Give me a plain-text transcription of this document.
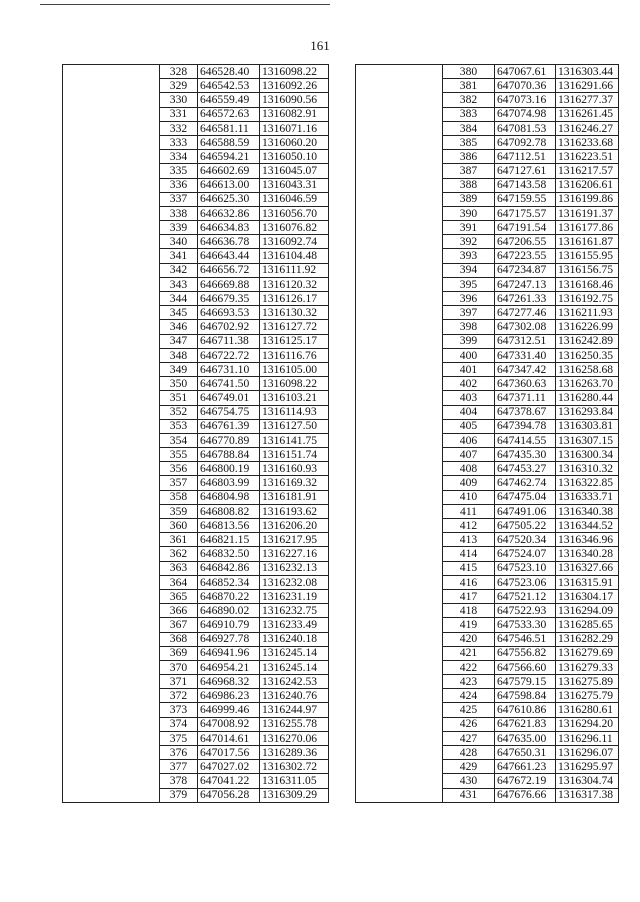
161
	328	646528.40	1316098.22
	329	646542.53	1316092.26
	330	646559.49	1316090.56
	331	646572.63	1316082.91
	332	646581.11	1316071.16
	333	646588.59	1316060.20
	334	646594.21	1316050.10
	335	646602.69	1316045.07
	336	646613.00	1316043.31
	337	646625.30	1316046.59
	338	646632.86	1316056.70
	339	646634.83	1316076.82
	340	646636.78	1316092.74
	341	646643.44	1316104.48
	342	646656.72	1316111.92
	343	646669.88	1316120.32
	344	646679.35	1316126.17
	345	646693.53	1316130.32
	346	646702.92	1316127.72
	347	646711.38	1316125.17
	348	646722.72	1316116.76
	349	646731.10	1316105.00
	350	646741.50	1316098.22
	351	646749.01	1316103.21
	352	646754.75	1316114.93
	353	646761.39	1316127.50
	354	646770.89	1316141.75
	355	646788.84	1316151.74
	356	646800.19	1316160.93
	357	646803.99	1316169.32
	358	646804.98	1316181.91
	359	646808.82	1316193.62
	360	646813.56	1316206.20
	361	646821.15	1316217.95
	362	646832.50	1316227.16
	363	646842.86	1316232.13
	364	646852.34	1316232.08
	365	646870.22	1316231.19
	366	646890.02	1316232.75
	367	646910.79	1316233.49
	368	646927.78	1316240.18
	369	646941.96	1316245.14
	370	646954.21	1316245.14
	371	646968.32	1316242.53
	372	646986.23	1316240.76
	373	646999.46	1316244.97
	374	647008.92	1316255.78
	375	647014.61	1316270.06
	376	647017.56	1316289.36
	377	647027.02	1316302.72
	378	647041.22	1316311.05
	379	647056.28	1316309.29
	380	647067.61	1316303.44
	381	647070.36	1316291.66
	382	647073.16	1316277.37
	383	647074.98	1316261.45
	384	647081.53	1316246.27
	385	647092.78	1316233.68
	386	647112.51	1316223.51
	387	647127.61	1316217.57
	388	647143.58	1316206.61
	389	647159.55	1316199.86
	390	647175.57	1316191.37
	391	647191.54	1316177.86
	392	647206.55	1316161.87
	393	647223.55	1316155.95
	394	647234.87	1316156.75
	395	647247.13	1316168.46
	396	647261.33	1316192.75
	397	647277.46	1316211.93
	398	647302.08	1316226.99
	399	647312.51	1316242.89
	400	647331.40	1316250.35
	401	647347.42	1316258.68
	402	647360.63	1316263.70
	403	647371.11	1316280.44
	404	647378.67	1316293.84
	405	647394.78	1316303.81
	406	647414.55	1316307.15
	407	647435.30	1316300.34
	408	647453.27	1316310.32
	409	647462.74	1316322.85
	410	647475.04	1316333.71
	411	647491.06	1316340.38
	412	647505.22	1316344.52
	413	647520.34	1316346.96
	414	647524.07	1316340.28
	415	647523.10	1316327.66
	416	647523.06	1316315.91
	417	647521.12	1316304.17
	418	647522.93	1316294.09
	419	647533.30	1316285.65
	420	647546.51	1316282.29
	421	647556.82	1316279.69
	422	647566.60	1316279.33
	423	647579.15	1316275.89
	424	647598.84	1316275.79
	425	647610.86	1316280.61
	426	647621.83	1316294.20
	427	647635.00	1316296.11
	428	647650.31	1316296.07
	429	647661.23	1316295.97
	430	647672.19	1316304.74
	431	647676.66	1316317.38
